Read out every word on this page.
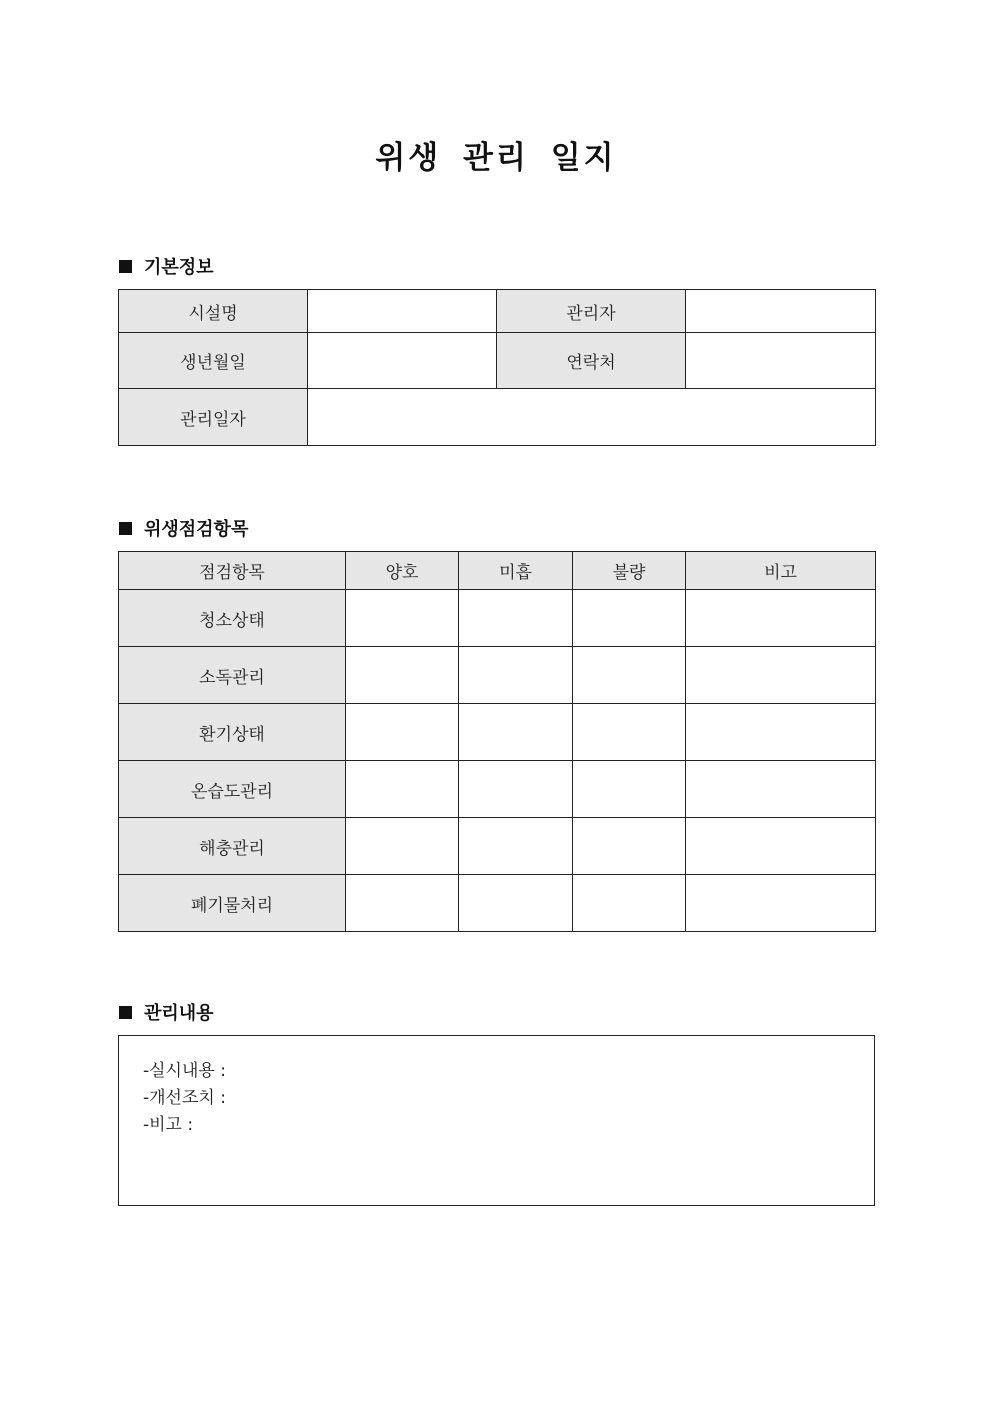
위생 관리 일지
기본정보
시설명		관리자	
생년월일		연락처	
관리일자			
위생점검항목
점검항목	양호	미흡	불량	비고
청소상태				
소독관리				
환기상태				
온습도관리				
해충관리				
폐기물처리				
관리내용
-실시내용 :
-개선조치 :
-비고 :
